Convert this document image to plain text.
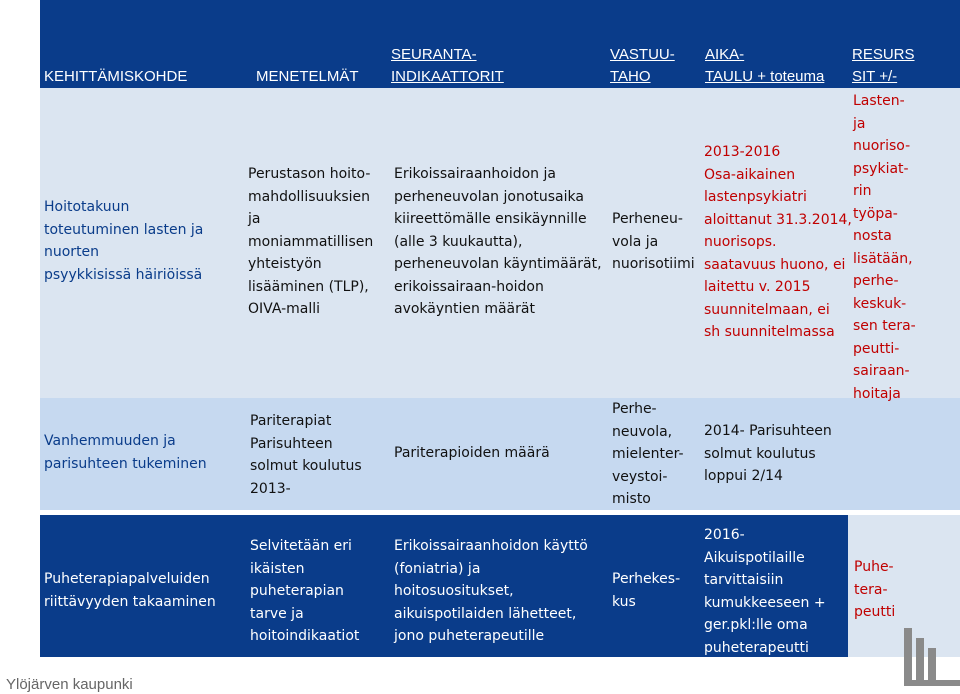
KEHITTÄMISKOHDE	MENETELMÄT
SEURANTA-
INDIKAATTORIT
VASTUU-
TAHO
AIKA-
TAULU + toteuma
RESURS
SIT +/-
Hoitotakuun
toteutuminen lasten ja
nuorten
psyykkisissä häiriöissä
Perustason hoito-
mahdollisuuksien
ja
moniammatillisen
yhteistyön
lisääminen (TLP),
OIVA-malli
Erikoissairaanhoidon ja
perheneuvolan jonotusaika
kiireettömälle ensikäynnille
(alle 3 kuukautta),
perheneuvolan käyntimäärät,
erikoissairaan-hoidon
avokäyntien määrät
Perheneu-
vola ja
nuorisotiimi
2013-2016
Osa-aikainen
lastenpsykiatri
aloittanut 31.3.2014,
nuorisops.
saatavuus huono, ei
laitettu v. 2015
suunnitelmaan, ei
sh suunnitelmassa
Lasten-
ja
nuoriso-
psykiat-
rin
työpa-
nosta
lisätään,
perhe-
keskuk-
sen tera-
peutti-
sairaan-
hoitaja
Vanhemmuuden ja
parisuhteen tukeminen
Pariterapiat
Parisuhteen
solmut koulutus
2013-
Pariterapioiden määrä
Perhe-
neuvola,
mielenter-
veystoi-
misto
2014- Parisuhteen
solmut koulutus
loppui 2/14
Puheterapiapalveluiden
riittävyyden takaaminen
Selvitetään eri
ikäisten
puheterapian
tarve ja
hoitoindikaatiot
Erikoissairaanhoidon käyttö
(foniatria) ja
hoitosuositukset,
aikuispotilaiden lähetteet,
jono puheterapeutille
Perhekes-
kus
2016-
Aikuispotilaille
tarvittaisiin
kumukkeeseen +
ger.pkl:lle oma
puheterapeutti
Puhe-
tera-
peutti
Ylöjärven kaupunki
